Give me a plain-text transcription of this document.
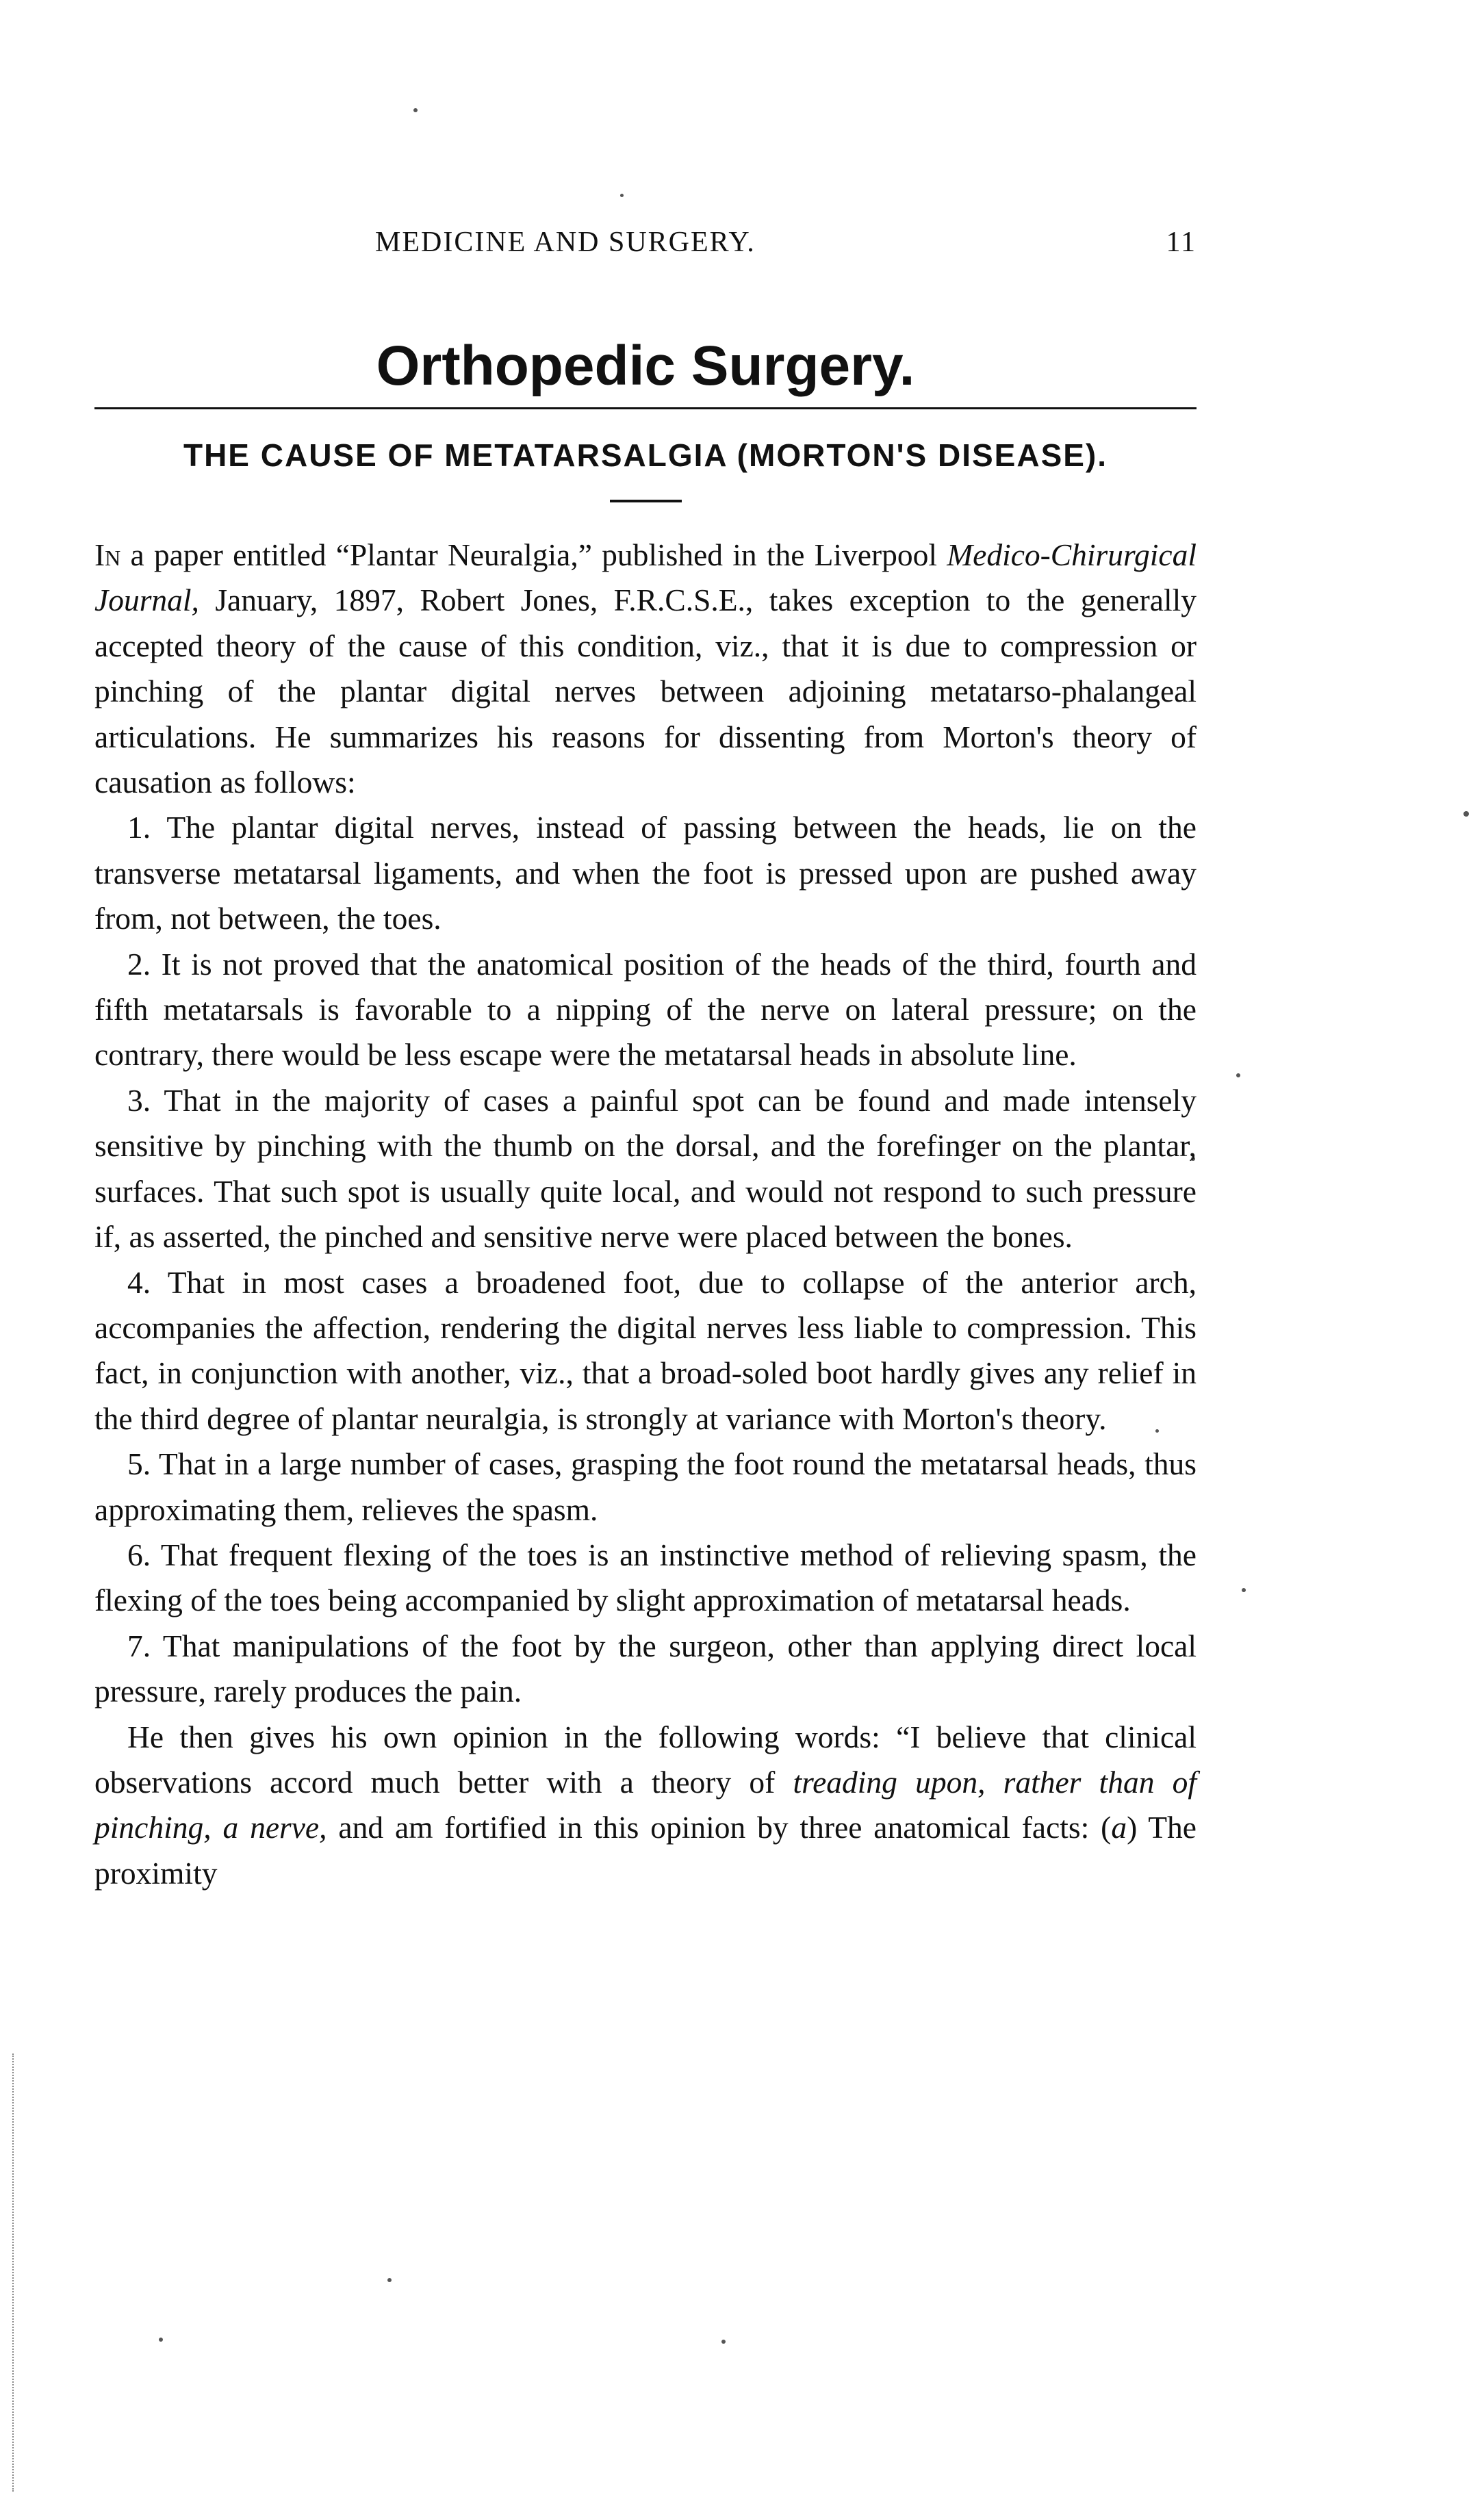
MEDICINE AND SURGERY.	11
Orthopedic Surgery.
THE CAUSE OF METATARSALGIA (MORTON'S DISEASE).

In a paper entitled “Plantar Neuralgia,” published in the Liverpool Medico-Chirurgical Journal, January, 1897, Robert Jones, F.R.C.S.E., takes exception to the generally accepted theory of the cause of this condition, viz., that it is due to compression or pinching of the plantar digital nerves between adjoining metatarso-phalangeal articulations. He summarizes his reasons for dissenting from Morton's theory of causation as follows:

1. The plantar digital nerves, instead of passing between the heads, lie on the transverse metatarsal ligaments, and when the foot is pressed upon are pushed away from, not between, the toes.

2. It is not proved that the anatomical position of the heads of the third, fourth and fifth metatarsals is favorable to a nipping of the nerve on lateral pressure; on the contrary, there would be less escape were the metatarsal heads in absolute line.

3. That in the majority of cases a painful spot can be found and made intensely sensitive by pinching with the thumb on the dorsal, and the forefinger on the plantar, surfaces. That such spot is usually quite local, and would not respond to such pressure if, as asserted, the pinched and sensitive nerve were placed between the bones.

4. That in most cases a broadened foot, due to collapse of the anterior arch, accompanies the affection, rendering the digital nerves less liable to compression. This fact, in conjunction with another, viz., that a broad-soled boot hardly gives any relief in the third degree of plantar neuralgia, is strongly at variance with Morton's theory.

5. That in a large number of cases, grasping the foot round the metatarsal heads, thus approximating them, relieves the spasm.

6. That frequent flexing of the toes is an instinctive method of relieving spasm, the flexing of the toes being accompanied by slight approximation of metatarsal heads.

7. That manipulations of the foot by the surgeon, other than applying direct local pressure, rarely produces the pain.

He then gives his own opinion in the following words: “I believe that clinical observations accord much better with a theory of treading upon, rather than of pinching, a nerve, and am fortified in this opinion by three anatomical facts: (a) The proximity
